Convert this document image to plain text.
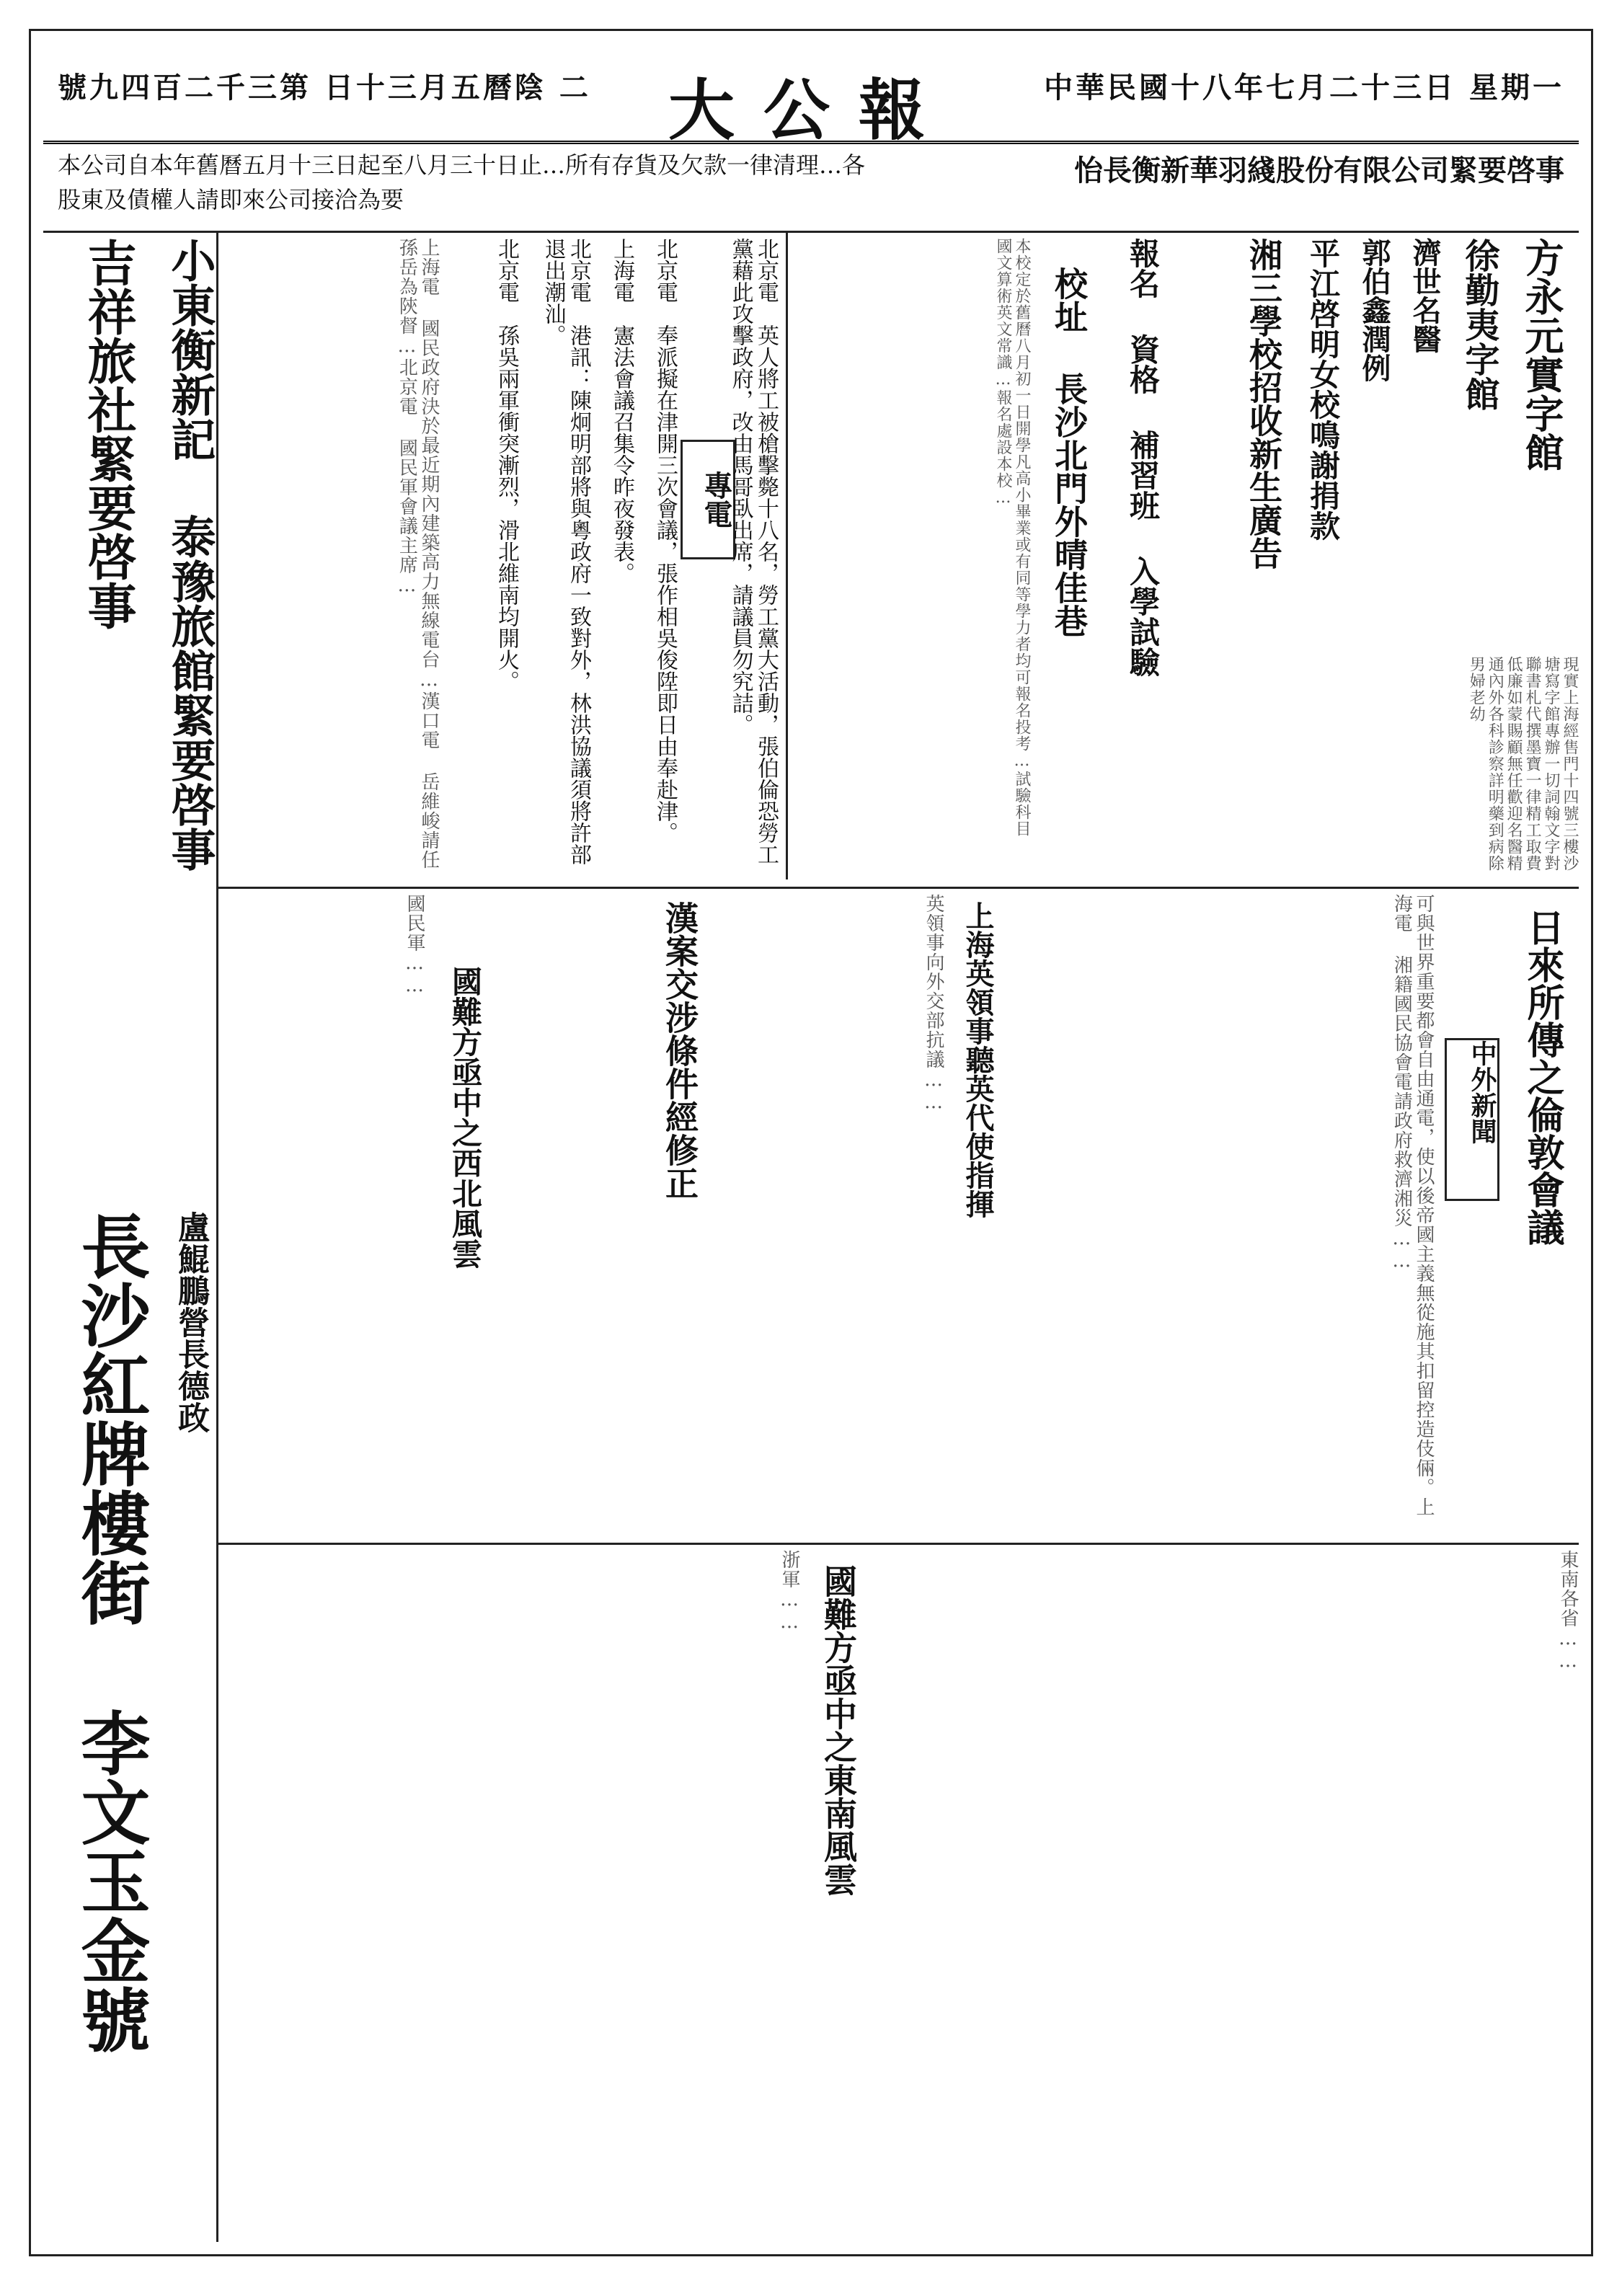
中華民國十八年七月二十三日 星期一
大公報
號九四百二千三第 日十三月五曆陰 二
怡長衡新華羽綫股份有限公司緊要啓事
本公司自本年舊曆五月十三日起至八月三十日止…所有存貨及欠款一律清理…各股東及債權人請即來公司接洽為要
方永元實字館
徐勤夷字館
濟世名醫
郭伯鑫潤例
平江啓明女校鳴謝捐款
湘三學校招收新生廣告
現實上海經售門十四號三樓沙塘寫字館專辦一切詞翰文字對聯書札代撰墨寶一律精工取費低廉如蒙賜顧無任歡迎名醫精通內外各科診察詳明藥到病除男婦老幼
報名 資格 補習班 入學試驗
校址 長沙北門外晴佳巷
本校定於舊曆八月初一日開學凡高小畢業或有同等學力者均可報名投考…試驗科目國文算術英文常識…報名處設本校…
專電 北京電　英人將工被槍擊斃十八名，勞工黨大活動，張伯倫恐勞工黨藉此攻擊政府，改由馬哥臥出席，請議員勿究詰。
北京電　奉派擬在津開三次會議，張作相吳俊陞即日由奉赴津。
上海電　憲法會議召集令昨夜發表。
北京電　港訊：陳炯明部將與粵政府一致對外，林洪協議須將許部退出潮汕。
北京電　孫吳兩軍衝突漸烈，滑北維南均開火。
小東衡新記 泰豫旅館緊要啓事
吉祥旅社緊要啓事
盧鯤鵬營長德政
長沙紅牌樓街 李文玉金號
上海電 國民政府決於最近期內建築高力無線電台…漢口電 岳維峻請任孫岳為陝督…北京電 國民軍會議主席…
日來所傳之倫敦會議
中外新聞
可與世界重要都會自由通電，使以後帝國主義無從施其扣留控造伎倆。上海電 湘籍國民協會電請政府救濟湘災……
上海英領事聽英代使指揮
漢案交涉條件經修正	英領事向外交部抗議……
國難方亟中之西北風雲
國民軍……
國難方亟中之東南風雲	東南各省……
浙軍……
